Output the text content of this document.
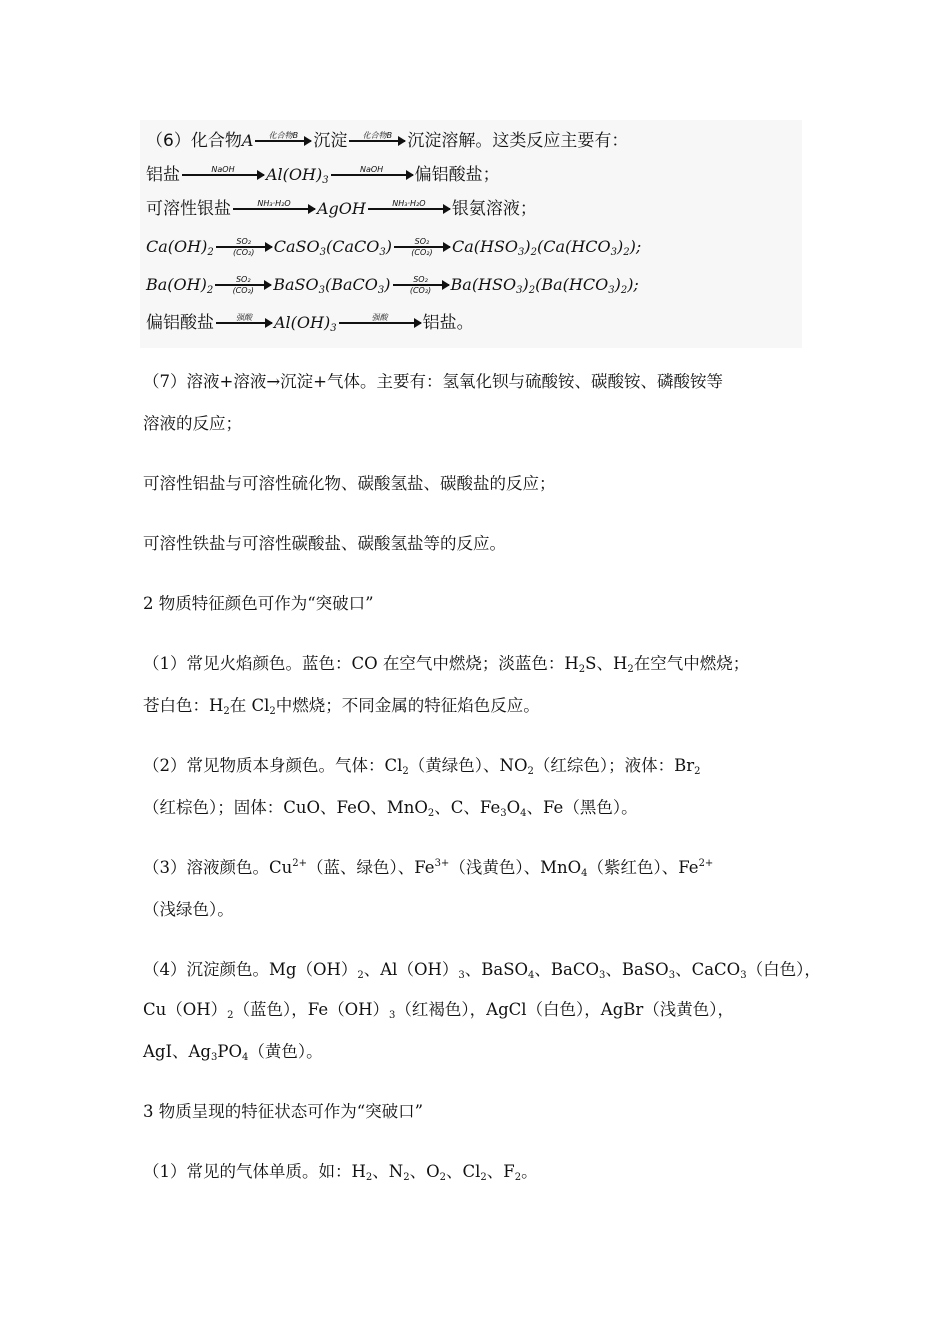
（6）化合物 A 化合物B 沉淀 化合物B 沉淀溶解。这类反应主要有：
铝盐	NaOH $Al(OH)_3$
NaOH 偏铝酸盐；
可溶性银盐	NH₃·H₂O AgOH	NH₃·H₂O 银氨溶液；
$Ca(OH)_2$
SO₂
(CO₂) CaSO$_3$(CaCO$_3$)	SO₂
(CO₂) $Ca(HSO_3)_2(Ca(HCO_3)_2)$;
$Ba(OH)_2$
SO₂
(CO₂) BaSO$_3$(BaCO$_3$)	SO₂
(CO₂) $Ba(HSO_3)_2(Ba(HCO_3)_2)$;
偏铝酸盐	强酸 $Al(OH)_3$
强酸 铝盐。
（7）溶液+溶液→沉淀+气体。主要有：氢氧化钡与硫酸铵、碳酸铵、磷酸铵等
溶液的反应；
可溶性铝盐与可溶性硫化物、碳酸氢盐、碳酸盐的反应；
可溶性铁盐与可溶性碳酸盐、碳酸氢盐等的反应。
2 物质特征颜色可作为“突破口”
（1）常见火焰颜色。蓝色：CO 在空气中燃烧；淡蓝色：$H_2S$、$H_2$在空气中燃烧；
苍白色：$H_2$在 $Cl_2$中燃烧；不同金属的特征焰色反应。
（2）常见物质本身颜色。气体：$Cl_2$（黄绿色）、$NO_2$（红综色）；液体：$Br_2$
（红棕色）；固体：CuO、FeO、MnO$_2$、C、$Fe_3O_4$、Fe（黑色）。
（3）溶液颜色。$Cu^{2+}$（蓝、绿色）、$Fe^{3+}$（浅黄色）、MnO$_4$（紫红色）、$Fe^{2+}$
（浅绿色）。
（4）沉淀颜色。$Mg(OH)_2$、$Al(OH)_3$、BaSO$_4$、BaCO$_3$、BaSO$_3$、CaCO$_3$（白色），
$Cu(OH)_2$（蓝色），$Fe(OH)_3$（红褐色），AgCl（白色），AgBr（浅黄色），
AgI、$Ag_3PO_4$（黄色）。
3 物质呈现的特征状态可作为“突破口”
（1）常见的气体单质。如：$H_2$、$N_2$、$O_2$、$Cl_2$、$F_2$。
